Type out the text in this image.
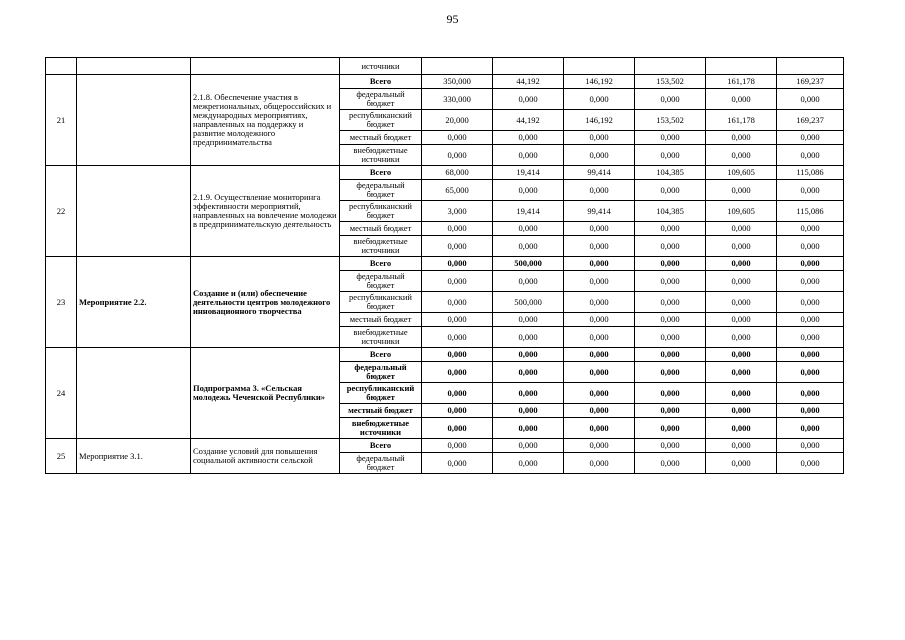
95
			источники						
21		2.1.8. Обеспечение участия в межрегиональных, общероссийских и международных мероприятиях, направленных на поддержку и развитие молодежного предпринимательства	Всего	350,000	44,192	146,192	153,502	161,178	169,237
			федеральный бюджет	330,000	0,000	0,000	0,000	0,000	0,000
			республиканский бюджет	20,000	44,192	146,192	153,502	161,178	169,237
			местный бюджет	0,000	0,000	0,000	0,000	0,000	0,000
			внебюджетные источники	0,000	0,000	0,000	0,000	0,000	0,000
22		2.1.9. Осуществление мониторинга эффективности мероприятий, направленных на вовлечение молодежи в предпринимательскую деятельность	Всего	68,000	19,414	99,414	104,385	109,605	115,086
			федеральный бюджет	65,000	0,000	0,000	0,000	0,000	0,000
			республиканский бюджет	3,000	19,414	99,414	104,385	109,605	115,086
			местный бюджет	0,000	0,000	0,000	0,000	0,000	0,000
			внебюджетные источники	0,000	0,000	0,000	0,000	0,000	0,000
23	Мероприятие 2.2.	Создание и (или) обеспечение деятельности центров молодежного инновационного творчества	Всего	0,000	500,000	0,000	0,000	0,000	0,000
			федеральный бюджет	0,000	0,000	0,000	0,000	0,000	0,000
			республиканский бюджет	0,000	500,000	0,000	0,000	0,000	0,000
			местный бюджет	0,000	0,000	0,000	0,000	0,000	0,000
			внебюджетные источники	0,000	0,000	0,000	0,000	0,000	0,000
24		Подпрограмма 3. «Сельская молодежь Чеченской Республики»	Всего	0,000	0,000	0,000	0,000	0,000	0,000
			федеральный бюджет	0,000	0,000	0,000	0,000	0,000	0,000
			республиканский бюджет	0,000	0,000	0,000	0,000	0,000	0,000
			местный бюджет	0,000	0,000	0,000	0,000	0,000	0,000
			внебюджетные источники	0,000	0,000	0,000	0,000	0,000	0,000
25	Мероприятие 3.1.	Создание условий для повышения социальной активности сельской	Всего	0,000	0,000	0,000	0,000	0,000	0,000
			федеральный бюджет	0,000	0,000	0,000	0,000	0,000	0,000
